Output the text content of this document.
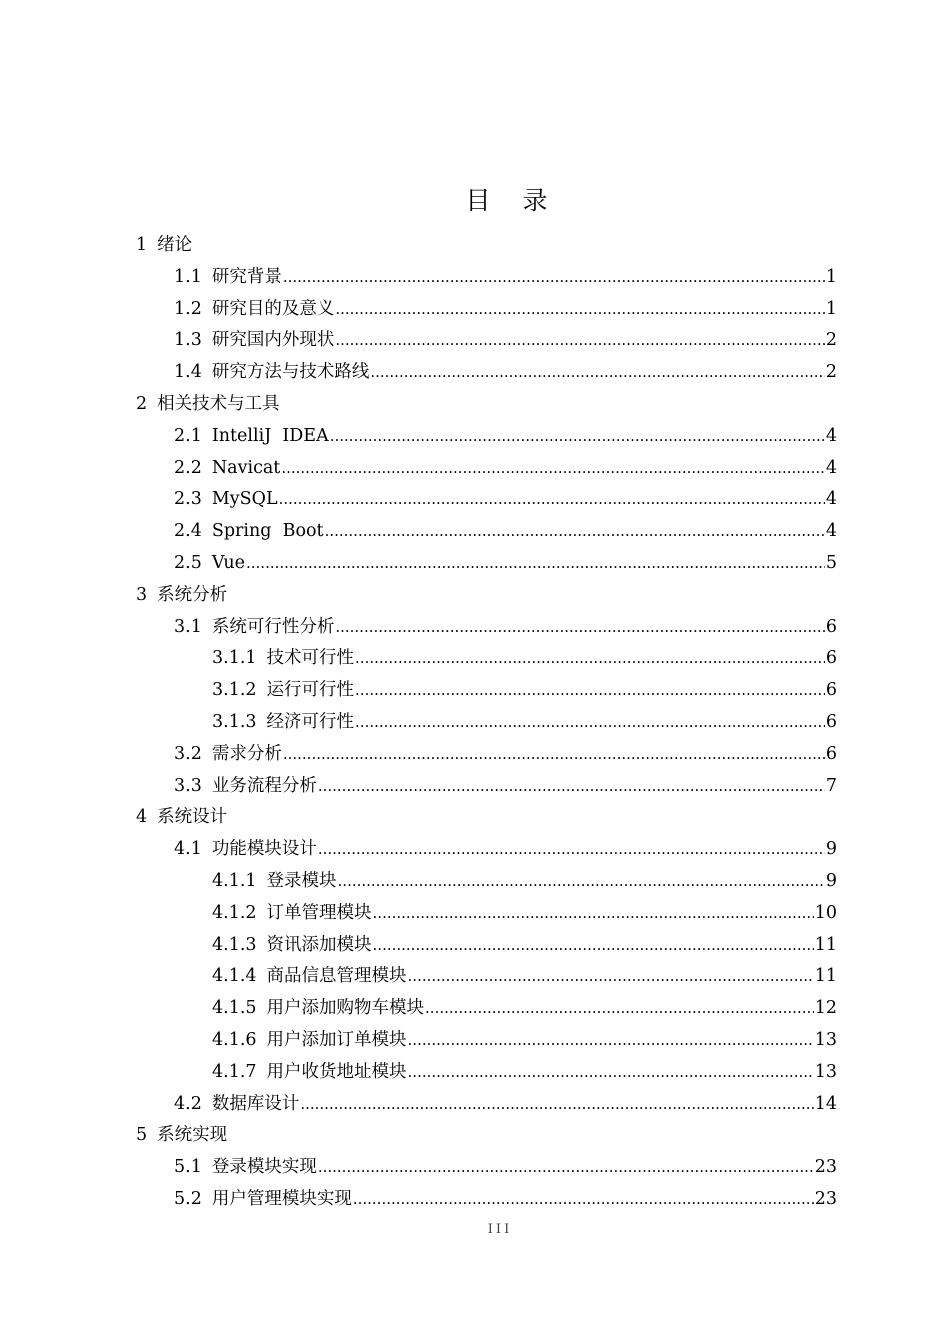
目 录
1 绪论
1.1 研究背景 .....	1
1.2 研究目的及意义 .....	1
1.3 研究国内外现状 .....	2
1.4 研究方法与技术路线 .....	2
2 相关技术与工具
2.1 IntelliJ  IDEA .....	4
2.2 Navicat .....	4
2.3 MySQL .....	4
2.4 Spring  Boot .....	4
2.5 Vue .....	5
3 系统分析
3.1 系统可行性分析 .....	6
3.1.1 技术可行性 .....	6
3.1.2 运行可行性 .....	6
3.1.3 经济可行性 .....	6
3.2 需求分析 .....	6
3.3 业务流程分析 .....	7
4 系统设计
4.1 功能模块设计 .....	9
4.1.1 登录模块 .....	9
4.1.2 订单管理模块 .....	10
4.1.3 资讯添加模块 .....	11
4.1.4 商品信息管理模块 .....	11
4.1.5 用户添加购物车模块 .....	12
4.1.6 用户添加订单模块 .....	13
4.1.7 用户收货地址模块 .....	13
4.2 数据库设计 .....	14
5 系统实现
5.1 登录模块实现 .....	23
5.2 用户管理模块实现 .....	23
III
